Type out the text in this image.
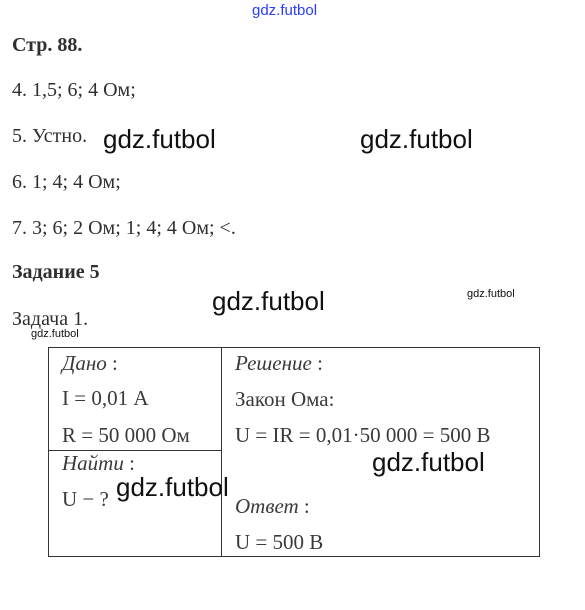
gdz.futbol
Стр. 88.
4. 1,5; 6; 4 Ом;
5. Устно.
6. 1; 4; 4 Ом;
7. 3; 6; 2 Ом; 1; 4; 4 Ом; <.
Задание 5
Задача 1.
Дано :
I = 0,01 А
R = 50 000 Ом
Найти :
U − ?
Решение :
Закон Ома:
U = IR = 0,01·50 000 = 500 В
Ответ :
U = 500 В
gdz.futbol	gdz.futbol
gdz.futbol
gdz.futbol
gdz.futbol
gdz.futbol
gdz.futbol
